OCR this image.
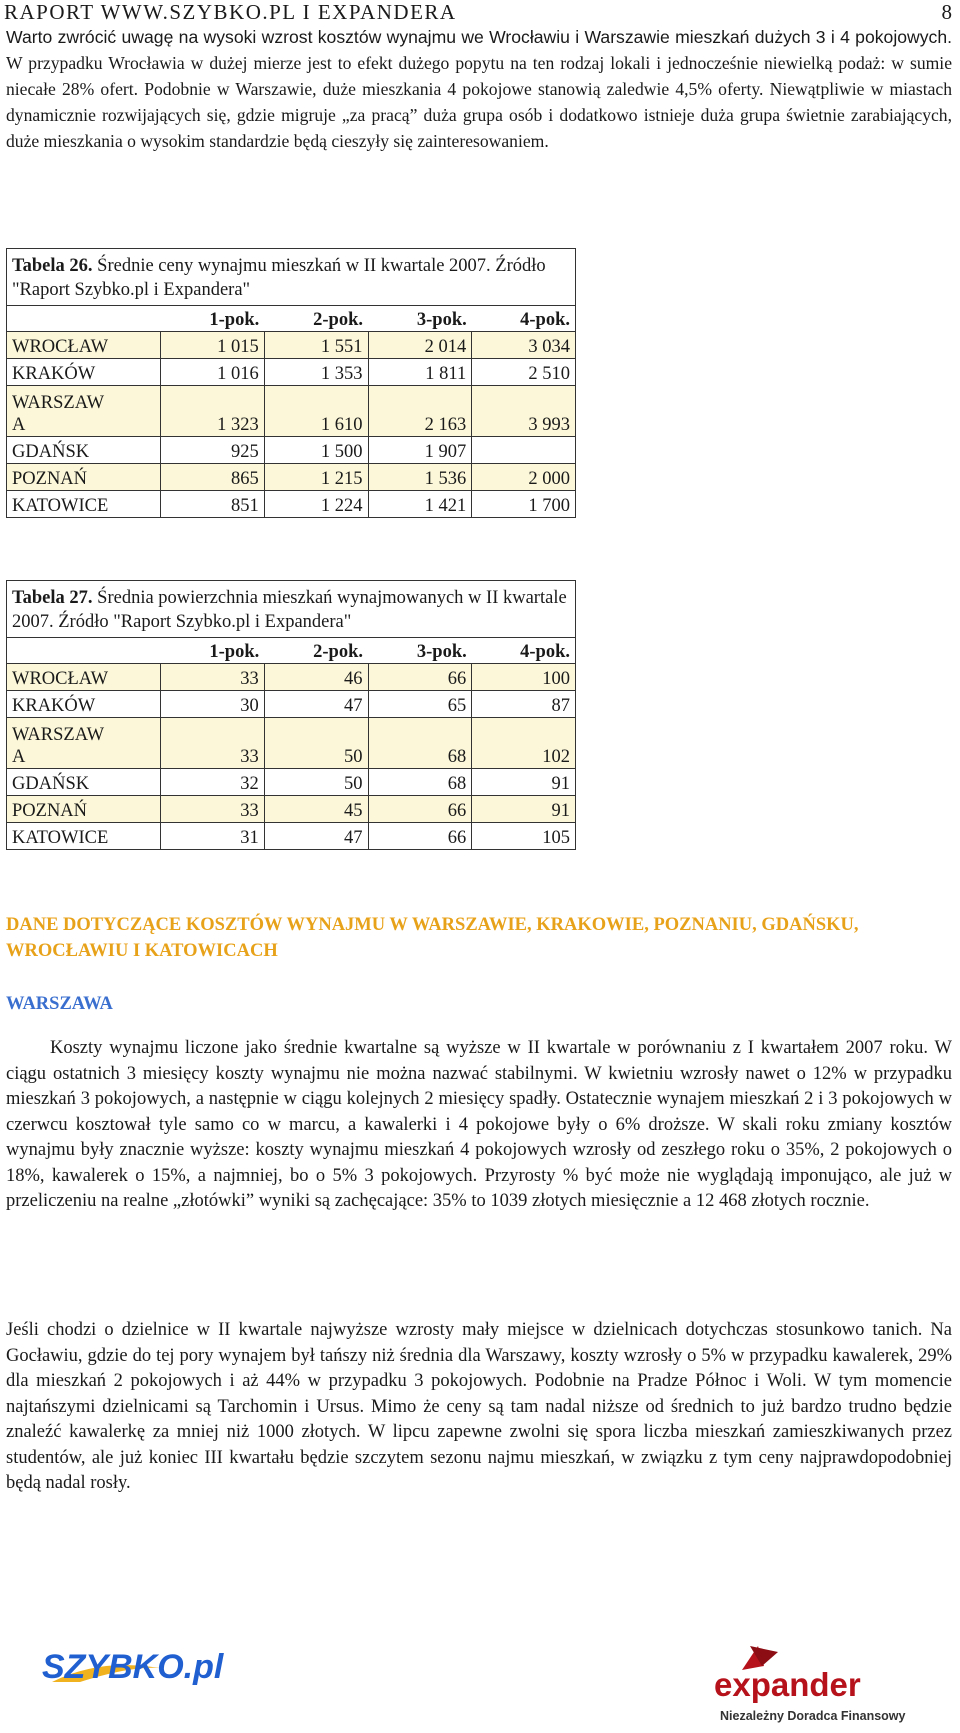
RAPORT WWW.SZYBKO.PL I EXPANDERA	8

Warto zwrócić uwagę na wysoki wzrost kosztów wynajmu we Wrocławiu i Warszawie mieszkań dużych 3 i 4 pokojowych. W przypadku Wrocławia w dużej mierze jest to efekt dużego popytu na ten rodzaj lokali i jednocześnie niewielką podaż: w sumie niecałe 28% ofert. Podobnie w Warszawie, duże mieszkania 4 pokojowe stanowią zaledwie 4,5% oferty. Niewątpliwie w miastach dynamicznie rozwijających się, gdzie migruje „za pracą” duża grupa osób i dodatkowo istnieje duża grupa świetnie zarabiających, duże mieszkania o wysokim standardzie będą cieszyły się zainteresowaniem.

Tabela 26. Średnie ceny wynajmu mieszkań w II kwartale 2007. Źródło "Raport Szybko.pl i Expandera"				
	1-pok.	2-pok.	3-pok.	4-pok.
WROCŁAW	1 015	1 551	2 014	3 034
KRAKÓW	1 016	1 353	1 811	2 510
WARSZAW
A	1 323	1 610	2 163	3 993
GDAŃSK	925	1 500	1 907	
POZNAŃ	865	1 215	1 536	2 000
KATOWICE	851	1 224	1 421	1 700
Tabela 27. Średnia powierzchnia mieszkań wynajmowanych w II kwartale 2007. Źródło "Raport Szybko.pl i Expandera"				
	1-pok.	2-pok.	3-pok.	4-pok.
WROCŁAW	33	46	66	100
KRAKÓW	30	47	65	87
WARSZAW
A	33	50	68	102
GDAŃSK	32	50	68	91
POZNAŃ	33	45	66	91
KATOWICE	31	47	66	105

DANE DOTYCZĄCE KOSZTÓW WYNAJMU W WARSZAWIE, KRAKOWIE, POZNANIU, GDAŃSKU, WROCŁAWIU I KATOWICACH

WARSZAWA

Koszty wynajmu liczone jako średnie kwartalne są wyższe w II kwartale w porównaniu z I kwartałem 2007 roku. W ciągu ostatnich 3 miesięcy koszty wynajmu nie można nazwać stabilnymi. W kwietniu wzrosły nawet o 12% w przypadku mieszkań 3 pokojowych, a następnie w ciągu kolejnych 2 miesięcy spadły. Ostatecznie wynajem mieszkań 2 i 3 pokojowych w czerwcu kosztował tyle samo co w marcu, a kawalerki i 4 pokojowe były o 6% droższe. W skali roku zmiany kosztów wynajmu były znacznie wyższe: koszty wynajmu mieszkań 4 pokojowych wzrosły od zeszłego roku o 35%, 2 pokojowych o 18%, kawalerek o 15%, a najmniej, bo o 5% 3 pokojowych. Przyrosty % być może nie wyglądają imponująco, ale już w przeliczeniu na realne „złotówki” wyniki są zachęcające: 35% to 1039 złotych miesięcznie a 12 468 złotych rocznie.

Jeśli chodzi o dzielnice w II kwartale najwyższe wzrosty mały miejsce w dzielnicach dotychczas stosunkowo tanich. Na Gocławiu, gdzie do tej pory wynajem był tańszy niż średnia dla Warszawy, koszty wzrosły o 5% w przypadku kawalerek, 29% dla mieszkań 2 pokojowych i aż 44% w przypadku 3 pokojowych. Podobnie na Pradze Północ i Woli. W tym momencie najtańszymi dzielnicami są Tarchomin i Ursus. Mimo że ceny są tam nadal niższe od średnich to już bardzo trudno będzie znaleźć kawalerkę za mniej niż 1000 złotych. W lipcu zapewne zwolni się spora liczba mieszkań zamieszkiwanych przez studentów, ale już koniec III kwartału będzie szczytem sezonu najmu mieszkań, w związku z tym ceny najprawdopodobniej będą nadal rosły.

SZYBKO.pl	expander
Niezależny Doradca Finansowy
